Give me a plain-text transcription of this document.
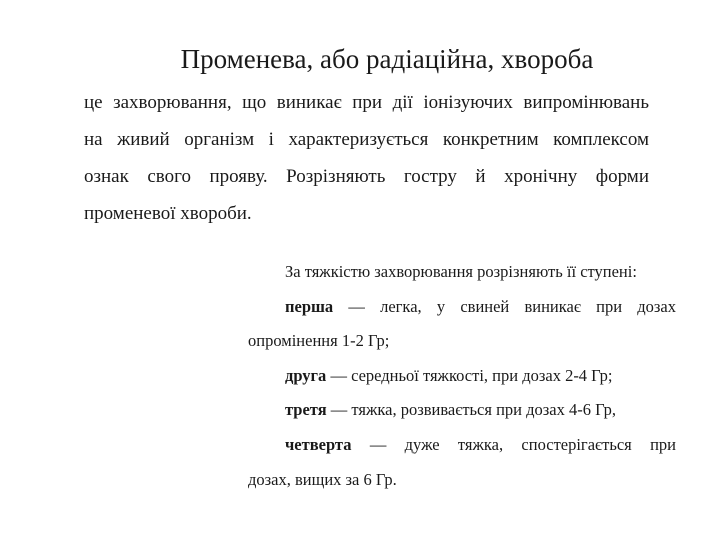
Променева, або радіаційна, хвороба
це захворювання, що виникає при дії іонізуючих випромінювань
на живий організм і характеризується конкретним комплексом
ознак свого прояву. Розрізняють гостру й хронічну форми
променевої хвороби.
За тяжкістю захворювання розрізняють її ступені:
перша — легка, у свиней виникає при дозах
опромінення 1-2 Гр;
друга — середньої тяжкості, при дозах 2-4 Гр;
третя — тяжка, розвивається при дозах 4-6 Гр,
четверта — дуже тяжка, спостерігається при
дозах, вищих за 6 Гр.
